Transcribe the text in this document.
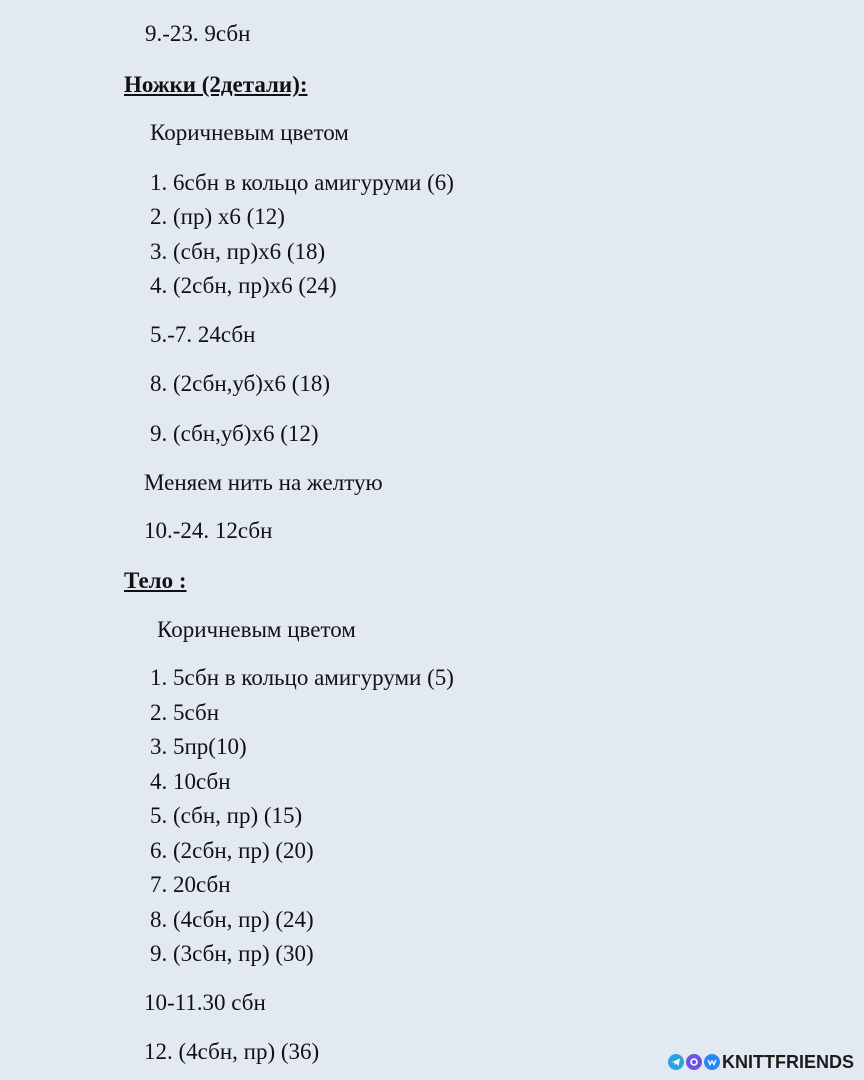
9.-23. 9сбн
Ножки (2детали):
Коричневым цветом
1. 6сбн в кольцо амигуруми (6)
2. (пр) х6 (12)
3. (сбн, пр)х6 (18)
4. (2сбн, пр)х6 (24)
5.-7. 24сбн
8. (2сбн,уб)х6 (18)
9. (сбн,уб)х6 (12)
Меняем нить на желтую
10.-24. 12сбн
Тело :
Коричневым цветом
1. 5сбн в кольцо амигуруми (5)
2. 5сбн
3. 5пр(10)
4. 10сбн
5. (сбн, пр) (15)
6. (2сбн, пр) (20)
7. 20сбн
8. (4сбн, пр) (24)
9. (3сбн, пр) (30)
10-11.30 сбн
12. (4сбн, пр) (36)	KNITTFRIENDS
